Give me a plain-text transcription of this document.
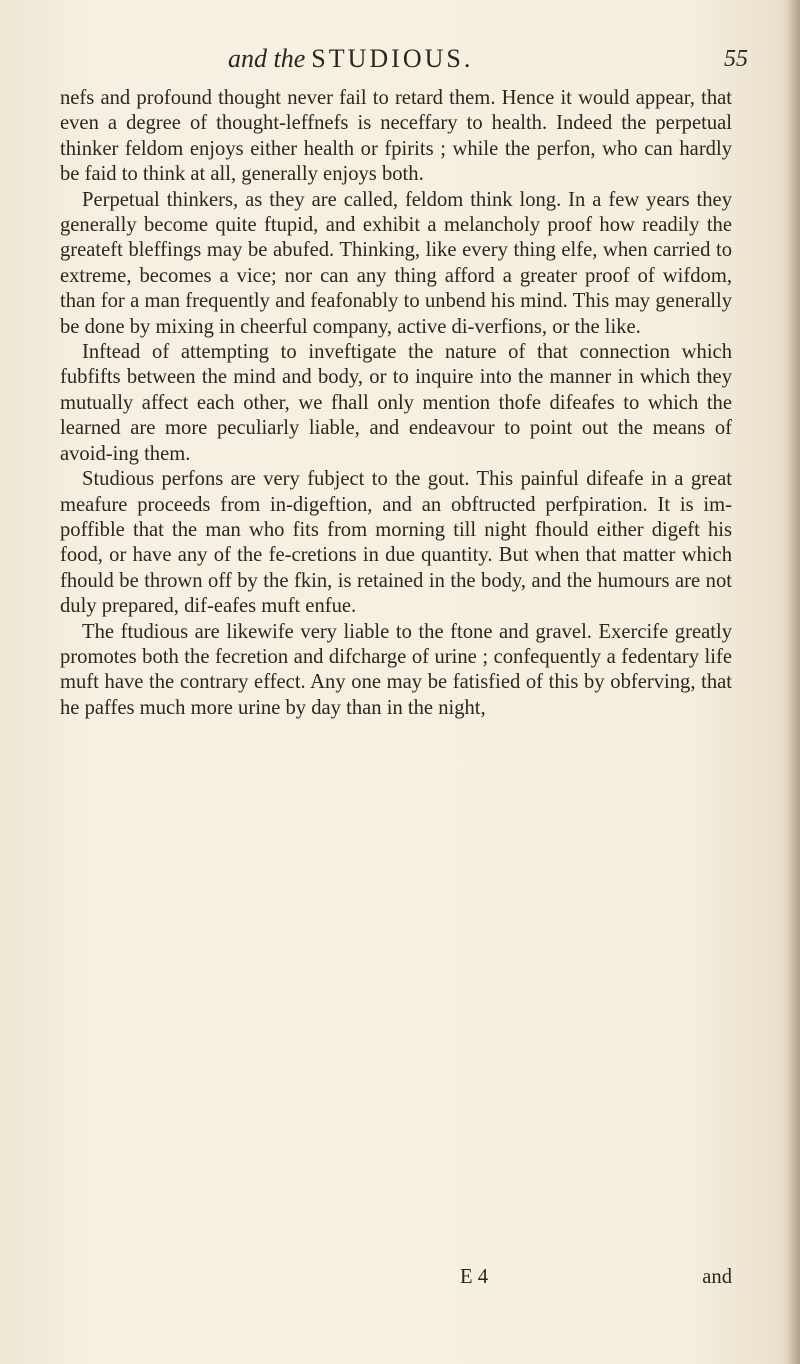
and the STUDIOUS.	55

nefs and profound thought never fail to retard them. Hence it would appear, that even a degree of thought-leffnefs is neceffary to health. Indeed the perpetual thinker feldom enjoys either health or fpirits ; while the perfon, who can hardly be faid to think at all, generally enjoys both.

Perpetual thinkers, as they are called, feldom think long. In a few years they generally become quite ftupid, and exhibit a melancholy proof how readily the greateft bleffings may be abufed. Thinking, like every thing elfe, when carried to extreme, becomes a vice; nor can any thing afford a greater proof of wifdom, than for a man frequently and feafonably to unbend his mind. This may generally be done by mixing in cheerful company, active di-verfions, or the like.

Inftead of attempting to inveftigate the nature of that connection which fubfifts between the mind and body, or to inquire into the manner in which they mutually affect each other, we fhall only mention thofe difeafes to which the learned are more peculiarly liable, and endeavour to point out the means of avoid-ing them.

Studious perfons are very fubject to the gout. This painful difeafe in a great meafure proceeds from in-digeftion, and an obftructed perfpiration. It is im-poffible that the man who fits from morning till night fhould either digeft his food, or have any of the fe-cretions in due quantity. But when that matter which fhould be thrown off by the fkin, is retained in the body, and the humours are not duly prepared, dif-eafes muft enfue.

The ftudious are likewife very liable to the ftone and gravel. Exercife greatly promotes both the fecretion and difcharge of urine ; confequently a fedentary life muft have the contrary effect. Any one may be fatisfied of this by obferving, that he paffes much more urine by day than in the night,

E 4	and
